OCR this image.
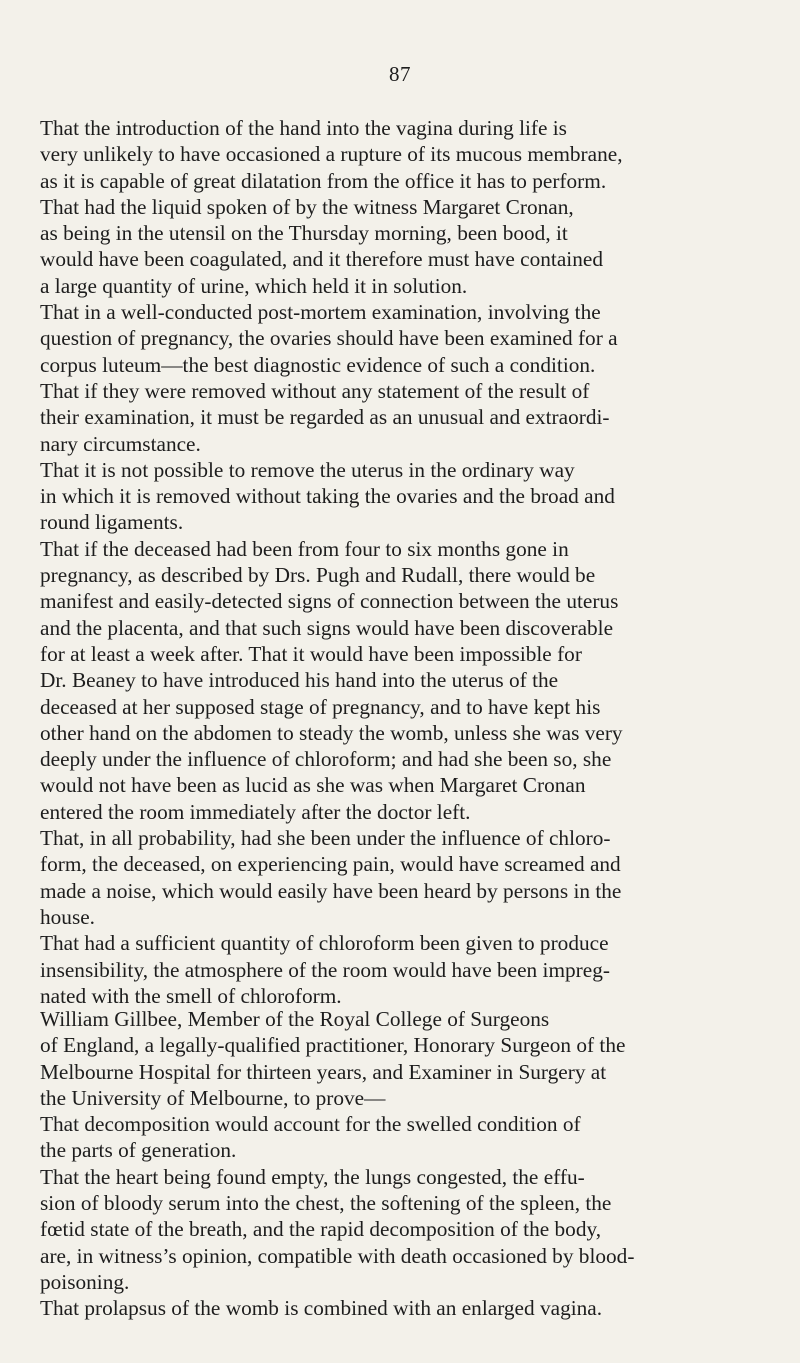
87
That the introduction of the hand into the vagina during life is
very unlikely to have occasioned a rupture of its mucous membrane,
as it is capable of great dilatation from the office it has to perform.
That had the liquid spoken of by the witness Margaret Cronan,
as being in the utensil on the Thursday morning, been bood, it
would have been coagulated, and it therefore must have contained
a large quantity of urine, which held it in solution.
That in a well-conducted post-mortem examination, involving the
question of pregnancy, the ovaries should have been examined for a
corpus luteum—the best diagnostic evidence of such a condition.
That if they were removed without any statement of the result of
their examination, it must be regarded as an unusual and extraordi-
nary circumstance.
That it is not possible to remove the uterus in the ordinary way
in which it is removed without taking the ovaries and the broad and
round ligaments.
That if the deceased had been from four to six months gone in
pregnancy, as described by Drs. Pugh and Rudall, there would be
manifest and easily-detected signs of connection between the uterus
and the placenta, and that such signs would have been discoverable
for at least a week after. That it would have been impossible for
Dr. Beaney to have introduced his hand into the uterus of the
deceased at her supposed stage of pregnancy, and to have kept his
other hand on the abdomen to steady the womb, unless she was very
deeply under the influence of chloroform; and had she been so, she
would not have been as lucid as she was when Margaret Cronan
entered the room immediately after the doctor left.
That, in all probability, had she been under the influence of chloro-
form, the deceased, on experiencing pain, would have screamed and
made a noise, which would easily have been heard by persons in the
house.
That had a sufficient quantity of chloroform been given to produce
insensibility, the atmosphere of the room would have been impreg-
nated with the smell of chloroform.
William Gillbee, Member of the Royal College of Surgeons
of England, a legally-qualified practitioner, Honorary Surgeon of the
Melbourne Hospital for thirteen years, and Examiner in Surgery at
the University of Melbourne, to prove—
That decomposition would account for the swelled condition of
the parts of generation.
That the heart being found empty, the lungs congested, the effu-
sion of bloody serum into the chest, the softening of the spleen, the
fœtid state of the breath, and the rapid decomposition of the body,
are, in witness’s opinion, compatible with death occasioned by blood-
poisoning.
That prolapsus of the womb is combined with an enlarged vagina.
